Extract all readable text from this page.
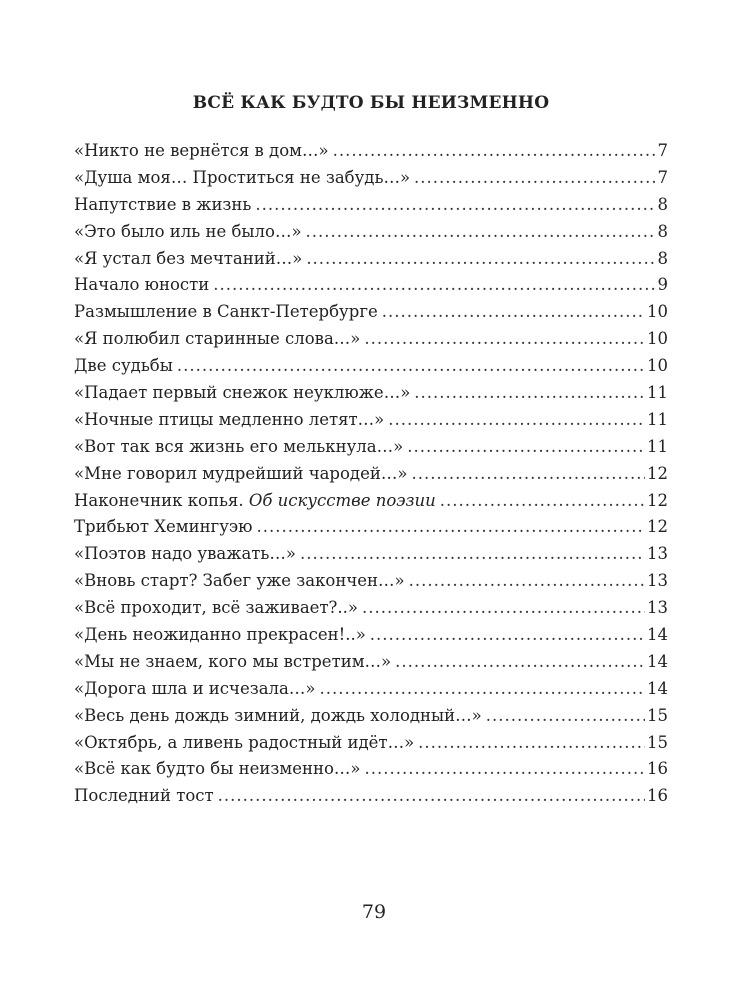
ВСЁ КАК БУДТО БЫ НЕИЗМЕННО
«Никто не вернётся в дом…» .....	7
«Душа моя… Проститься не забудь…» .....	7
Напутствие в жизнь .....	8
«Это было иль не было…» .....	8
«Я устал без мечтаний…» .....	8
Начало юности .....	9
Размышление в Санкт-Петербурге .....	10
«Я полюбил старинные слова…» .....	10
Две судьбы .....	10
«Падает первый снежок неуклюже…» .....	11
«Ночные птицы медленно летят…» .....	11
«Вот так вся жизнь его мелькнула…» .....	11
«Мне говорил мудрейший чародей…» .....	12
Наконечник копья. Об искусстве поэзии .....	12
Трибьют Хемингуэю .....	12
«Поэтов надо уважать…» .....	13
«Вновь старт? Забег уже закончен…» .....	13
«Всё проходит, всё заживает?..» .....	13
«День неожиданно прекрасен!..» .....	14
«Мы не знаем, кого мы встретим…» .....	14
«Дорога шла и исчезала…» .....	14
«Весь день дождь зимний, дождь холодный…» .....	15
«Октябрь, а ливень радостный идёт…» .....	15
«Всё как будто бы неизменно…» .....	16
Последний тост .....	16
79
